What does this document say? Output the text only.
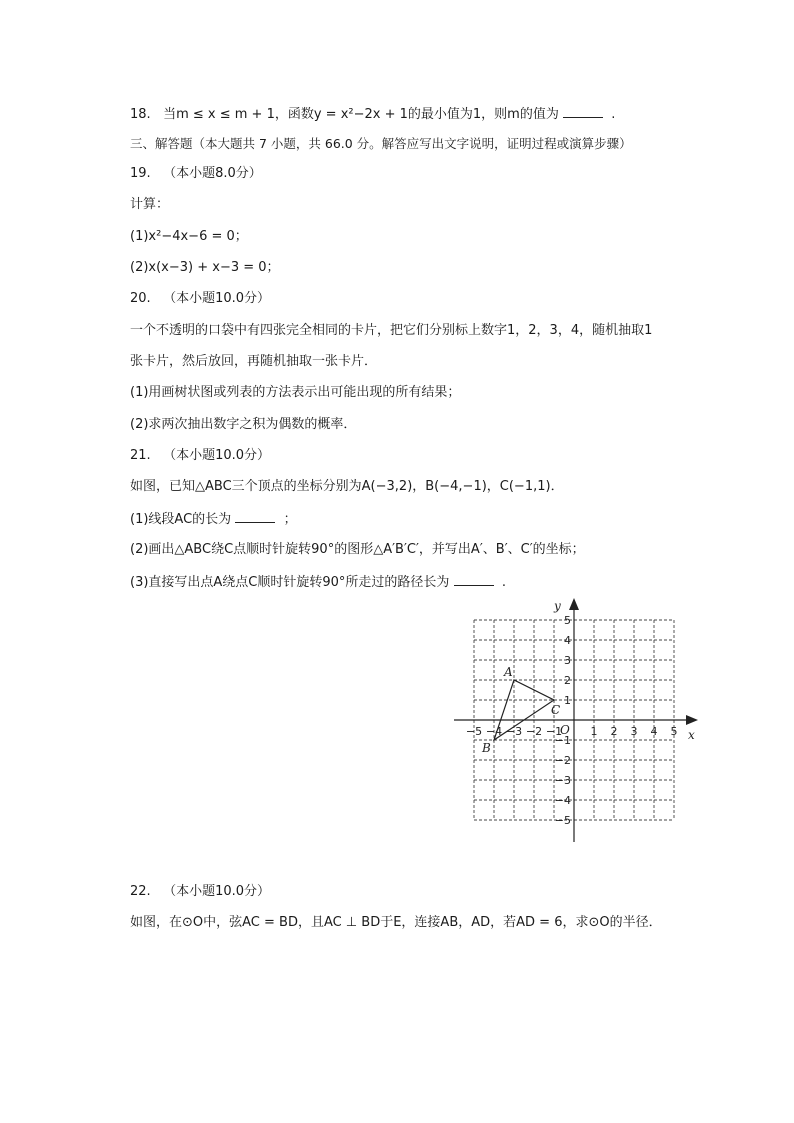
18. 当m ≤ x ≤ m + 1，函数y = x²−2x + 1的最小值为1，则m的值为	.
三、解答题（本大题共 7 小题，共 66.0 分。解答应写出文字说明，证明过程或演算步骤）
19. （本小题8.0分）
计算：
(1)x²−4x−6 = 0；
(2)x(x−3) + x−3 = 0；
20. （本小题10.0分）
一个不透明的口袋中有四张完全相同的卡片，把它们分别标上数字1，2，3，4，随机抽取1
张卡片，然后放回，再随机抽取一张卡片．
(1)用画树状图或列表的方法表示出可能出现的所有结果；
(2)求两次抽出数字之积为偶数的概率．
21. （本小题10.0分）
如图，已知△ABC三个顶点的坐标分别为A(−3,2)，B(−4,−1)，C(−1,1)．
(1)线段AC的长为	；
(2)画出△ABC绕C点顺时针旋转90°的图形△A′B′C′，并写出A′、B′、C′的坐标；
(3)直接写出点A绕点C顺时针旋转90°所走过的路径长为	.
−5 −4 −3 −2 −1	1 2 3 4 5
5
4
3
2
1
−1
−2
−3
−4
−5
x
y
O
A
B
C
22. （本小题10.0分）
如图，在⊙O中，弦AC = BD，且AC ⊥ BD于E，连接AB，AD，若AD = 6，求⊙O的半径．
